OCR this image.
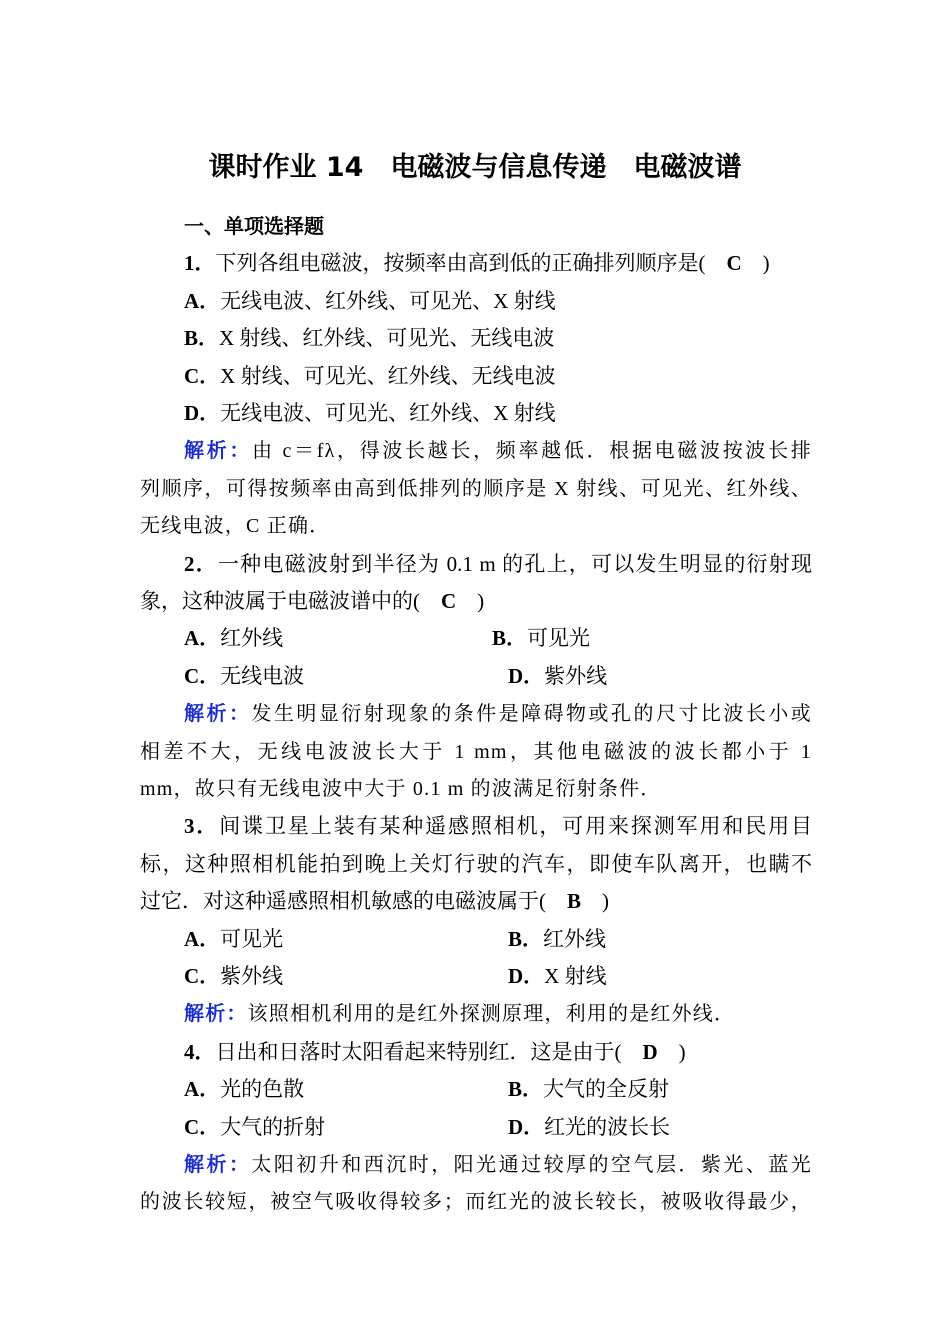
课时作业 14　电磁波与信息传递　电磁波谱
一、单项选择题
1．下列各组电磁波，按频率由高到低的正确排列顺序是(　C　)
A．无线电波、红外线、可见光、X 射线
B．X 射线、红外线、可见光、无线电波
C．X 射线、可见光、红外线、无线电波
D．无线电波、可见光、红外线、X 射线
解析：由 c＝fλ，得波长越长，频率越低．根据电磁波按波长排
列顺序，可得按频率由高到低排列的顺序是 X 射线、可见光、红外线、
无线电波，C 正确．
2．一种电磁波射到半径为 0.1 m 的孔上，可以发生明显的衍射现
象，这种波属于电磁波谱中的(　C　)
A．红外线	B．可见光
C．无线电波	D．紫外线
解析：发生明显衍射现象的条件是障碍物或孔的尺寸比波长小或
相差不大，无线电波波长大于 1 mm，其他电磁波的波长都小于 1
mm，故只有无线电波中大于 0.1 m 的波满足衍射条件．
3．间谍卫星上装有某种遥感照相机，可用来探测军用和民用目
标，这种照相机能拍到晚上关灯行驶的汽车，即使车队离开，也瞒不
过它．对这种遥感照相机敏感的电磁波属于(　B　)
A．可见光	B．红外线
C．紫外线	D．X 射线
解析：该照相机利用的是红外探测原理，利用的是红外线．
4．日出和日落时太阳看起来特别红．这是由于(　D　)
A．光的色散	B．大气的全反射
C．大气的折射	D．红光的波长长
解析：太阳初升和西沉时，阳光通过较厚的空气层．紫光、蓝光
的波长较短，被空气吸收得较多；而红光的波长较长，被吸收得最少，
